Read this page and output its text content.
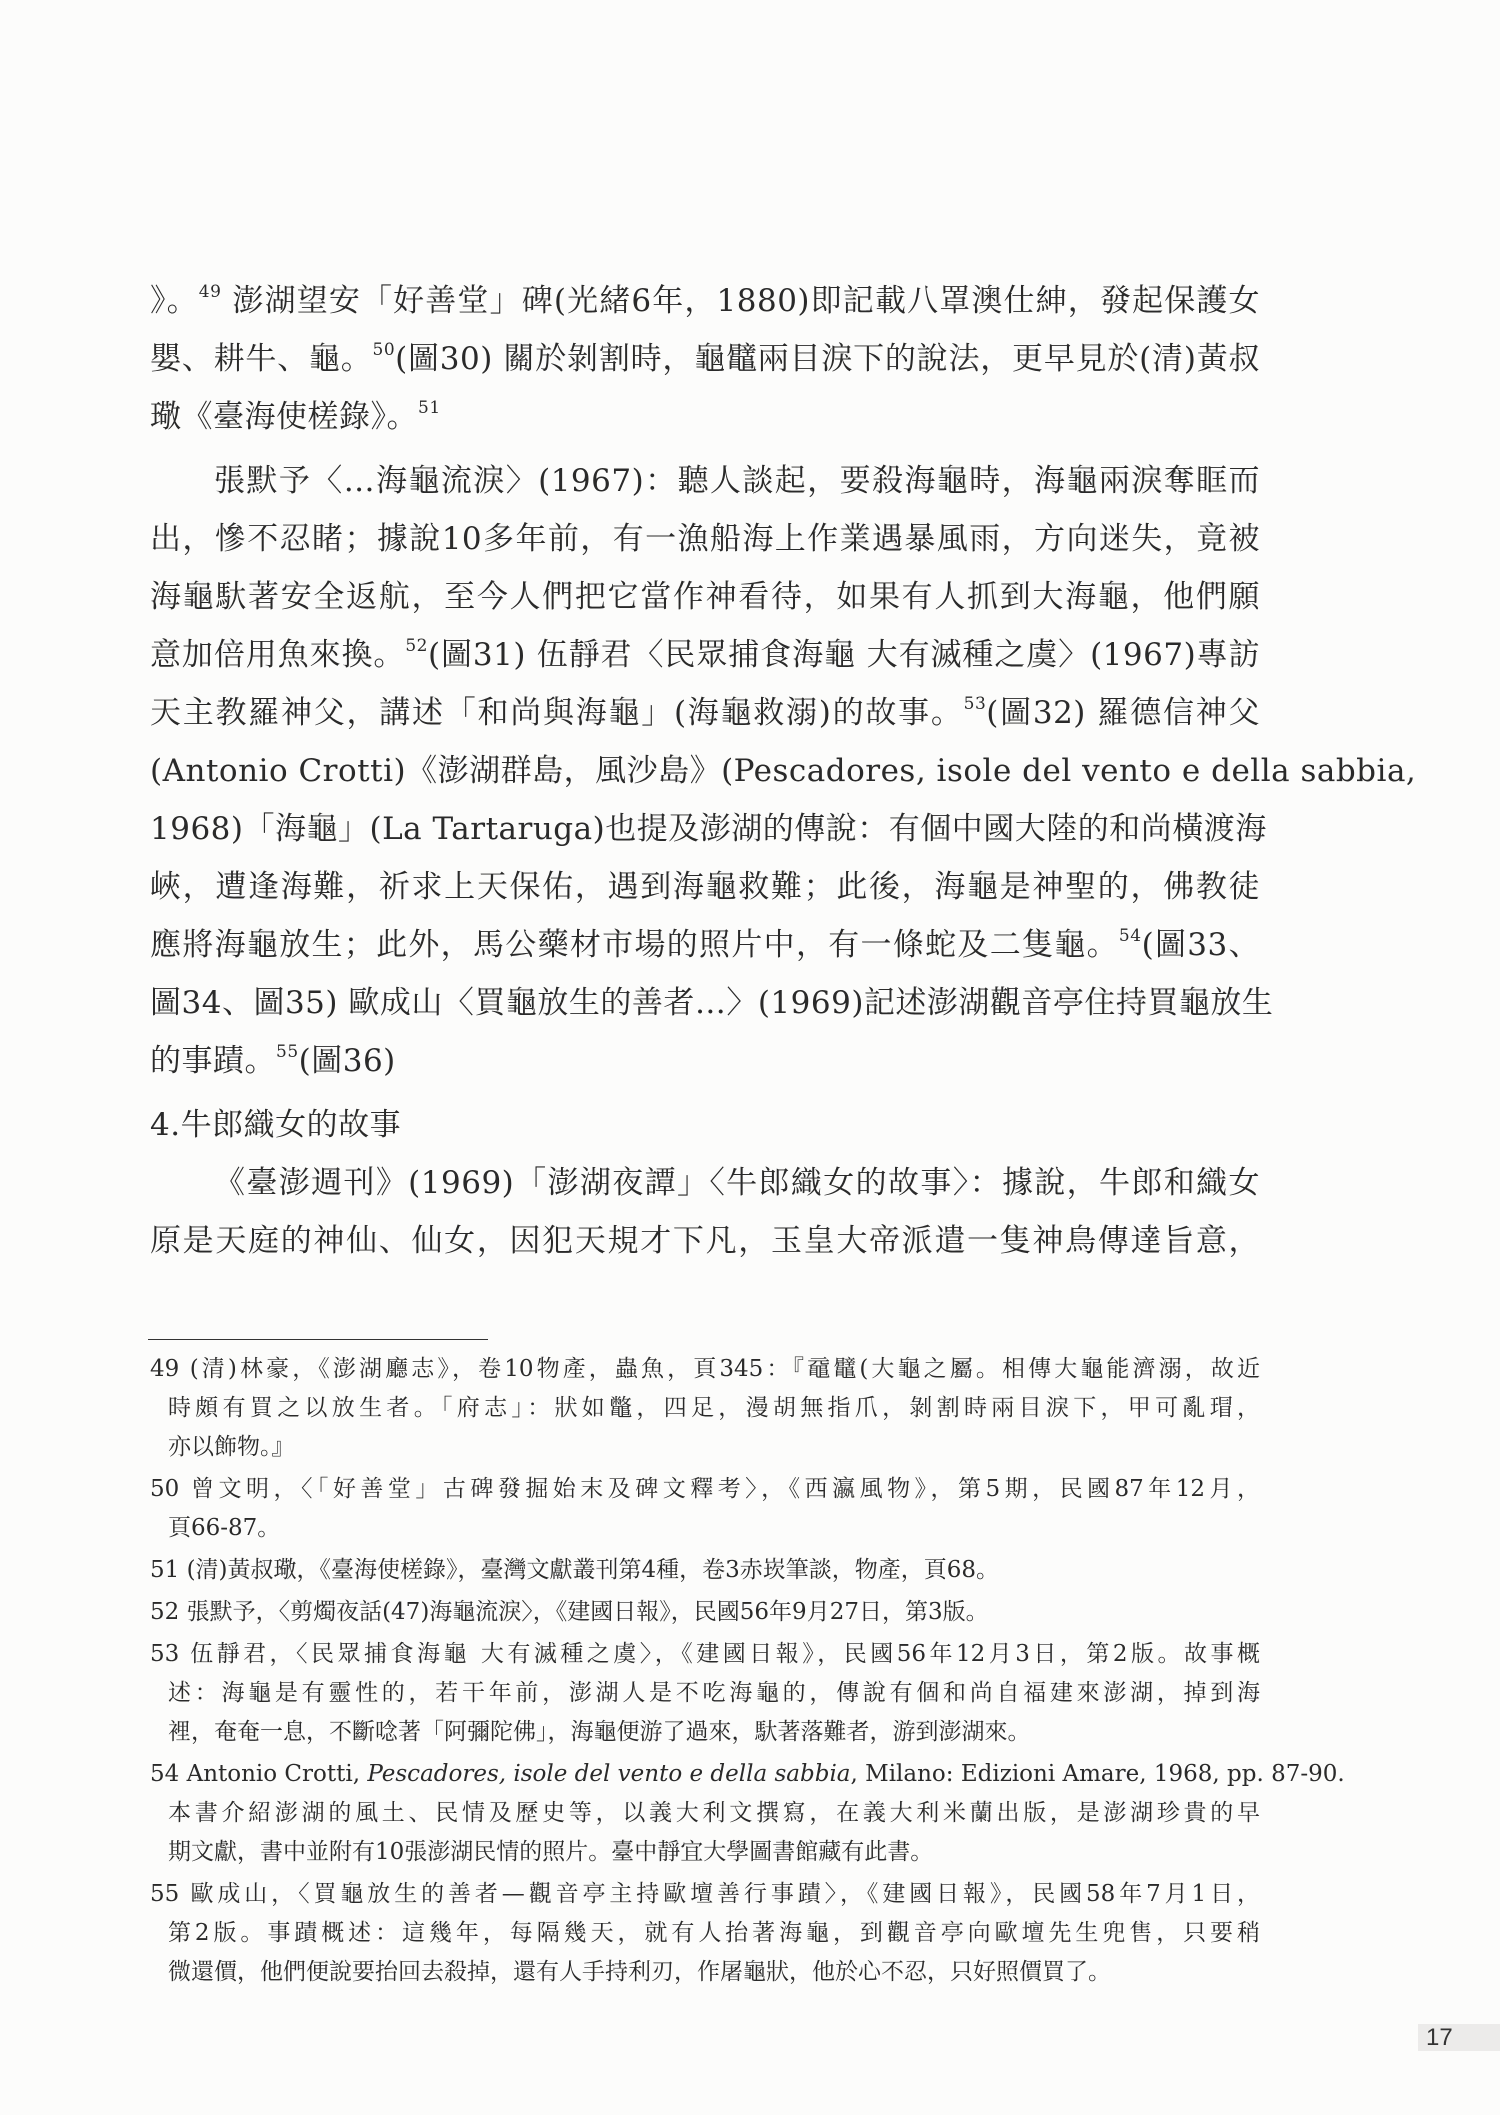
》。$^{49}$ 澎湖望安「好善堂」碑(光緒6年，1880)即記載八罩澳仕紳，發起保護女
嬰、耕牛、龜。$^{50}$(圖30) 關於剝割時，龜鼊兩目淚下的說法，更早見於(清)黃叔
璥《臺海使槎錄》。$^{51}$
張默予〈…海龜流淚〉(1967)：聽人談起，要殺海龜時，海龜兩淚奪眶而
出，慘不忍睹；據說10多年前，有一漁船海上作業遇暴風雨，方向迷失，竟被
海龜馱著安全返航，至今人們把它當作神看待，如果有人抓到大海龜，他們願
意加倍用魚來換。$^{52}$(圖31) 伍靜君〈民眾捕食海龜 大有滅種之虞〉(1967)專訪
天主教羅神父，講述「和尚與海龜」(海龜救溺)的故事。$^{53}$(圖32) 羅德信神父
(Antonio Crotti)《澎湖群島，風沙島》(Pescadores, isole del vento e della sabbia,
1968)「海龜」(La Tartaruga)也提及澎湖的傳說：有個中國大陸的和尚橫渡海
峽，遭逢海難，祈求上天保佑，遇到海龜救難；此後，海龜是神聖的，佛教徒
應將海龜放生；此外，馬公藥材市場的照片中，有一條蛇及二隻龜。$^{54}$(圖33、
圖34、圖35) 歐成山〈買龜放生的善者…〉(1969)記述澎湖觀音亭住持買龜放生
的事蹟。$^{55}$(圖36)
4.牛郎織女的故事
《臺澎週刊》(1969)「澎湖夜譚」〈牛郎織女的故事〉：據說，牛郎和織女
原是天庭的神仙、仙女，因犯天規才下凡，玉皇大帝派遣一隻神鳥傳達旨意，
49 (清)林豪，《澎湖廳志》，卷10物產，蟲魚，頁345：『黿鼊(大龜之屬。相傳大龜能濟溺，故近
時頗有買之以放生者。「府志」：狀如鼈，四足，漫胡無指爪，剝割時兩目淚下，甲可亂瑁，
亦以飾物。』
50 曾文明，〈「好善堂」古碑發掘始末及碑文釋考〉，《西瀛風物》，第5期，民國87年12月，
頁66-87。
51 (清)黃叔璥，《臺海使槎錄》，臺灣文獻叢刊第4種，卷3赤崁筆談，物產，頁68。
52 張默予，〈剪燭夜話(47)海龜流淚〉，《建國日報》，民國56年9月27日，第3版。
53 伍靜君，〈民眾捕食海龜 大有滅種之虞〉，《建國日報》，民國56年12月3日，第2版。故事概
述：海龜是有靈性的，若干年前，澎湖人是不吃海龜的，傳說有個和尚自福建來澎湖，掉到海
裡，奄奄一息，不斷唸著「阿彌陀佛」，海龜便游了過來，馱著落難者，游到澎湖來。
54 Antonio Crotti, Pescadores, isole del vento e della sabbia, Milano: Edizioni Amare, 1968, pp. 87-90.
本書介紹澎湖的風土、民情及歷史等，以義大利文撰寫，在義大利米蘭出版，是澎湖珍貴的早
期文獻，書中並附有10張澎湖民情的照片。臺中靜宜大學圖書館藏有此書。
55 歐成山，〈買龜放生的善者—觀音亭主持歐壇善行事蹟〉，《建國日報》，民國58年7月1日，
第2版。事蹟概述：這幾年，每隔幾天，就有人抬著海龜，到觀音亭向歐壇先生兜售，只要稍
微還價，他們便說要抬回去殺掉，還有人手持利刃，作屠龜狀，他於心不忍，只好照價買了。
17
